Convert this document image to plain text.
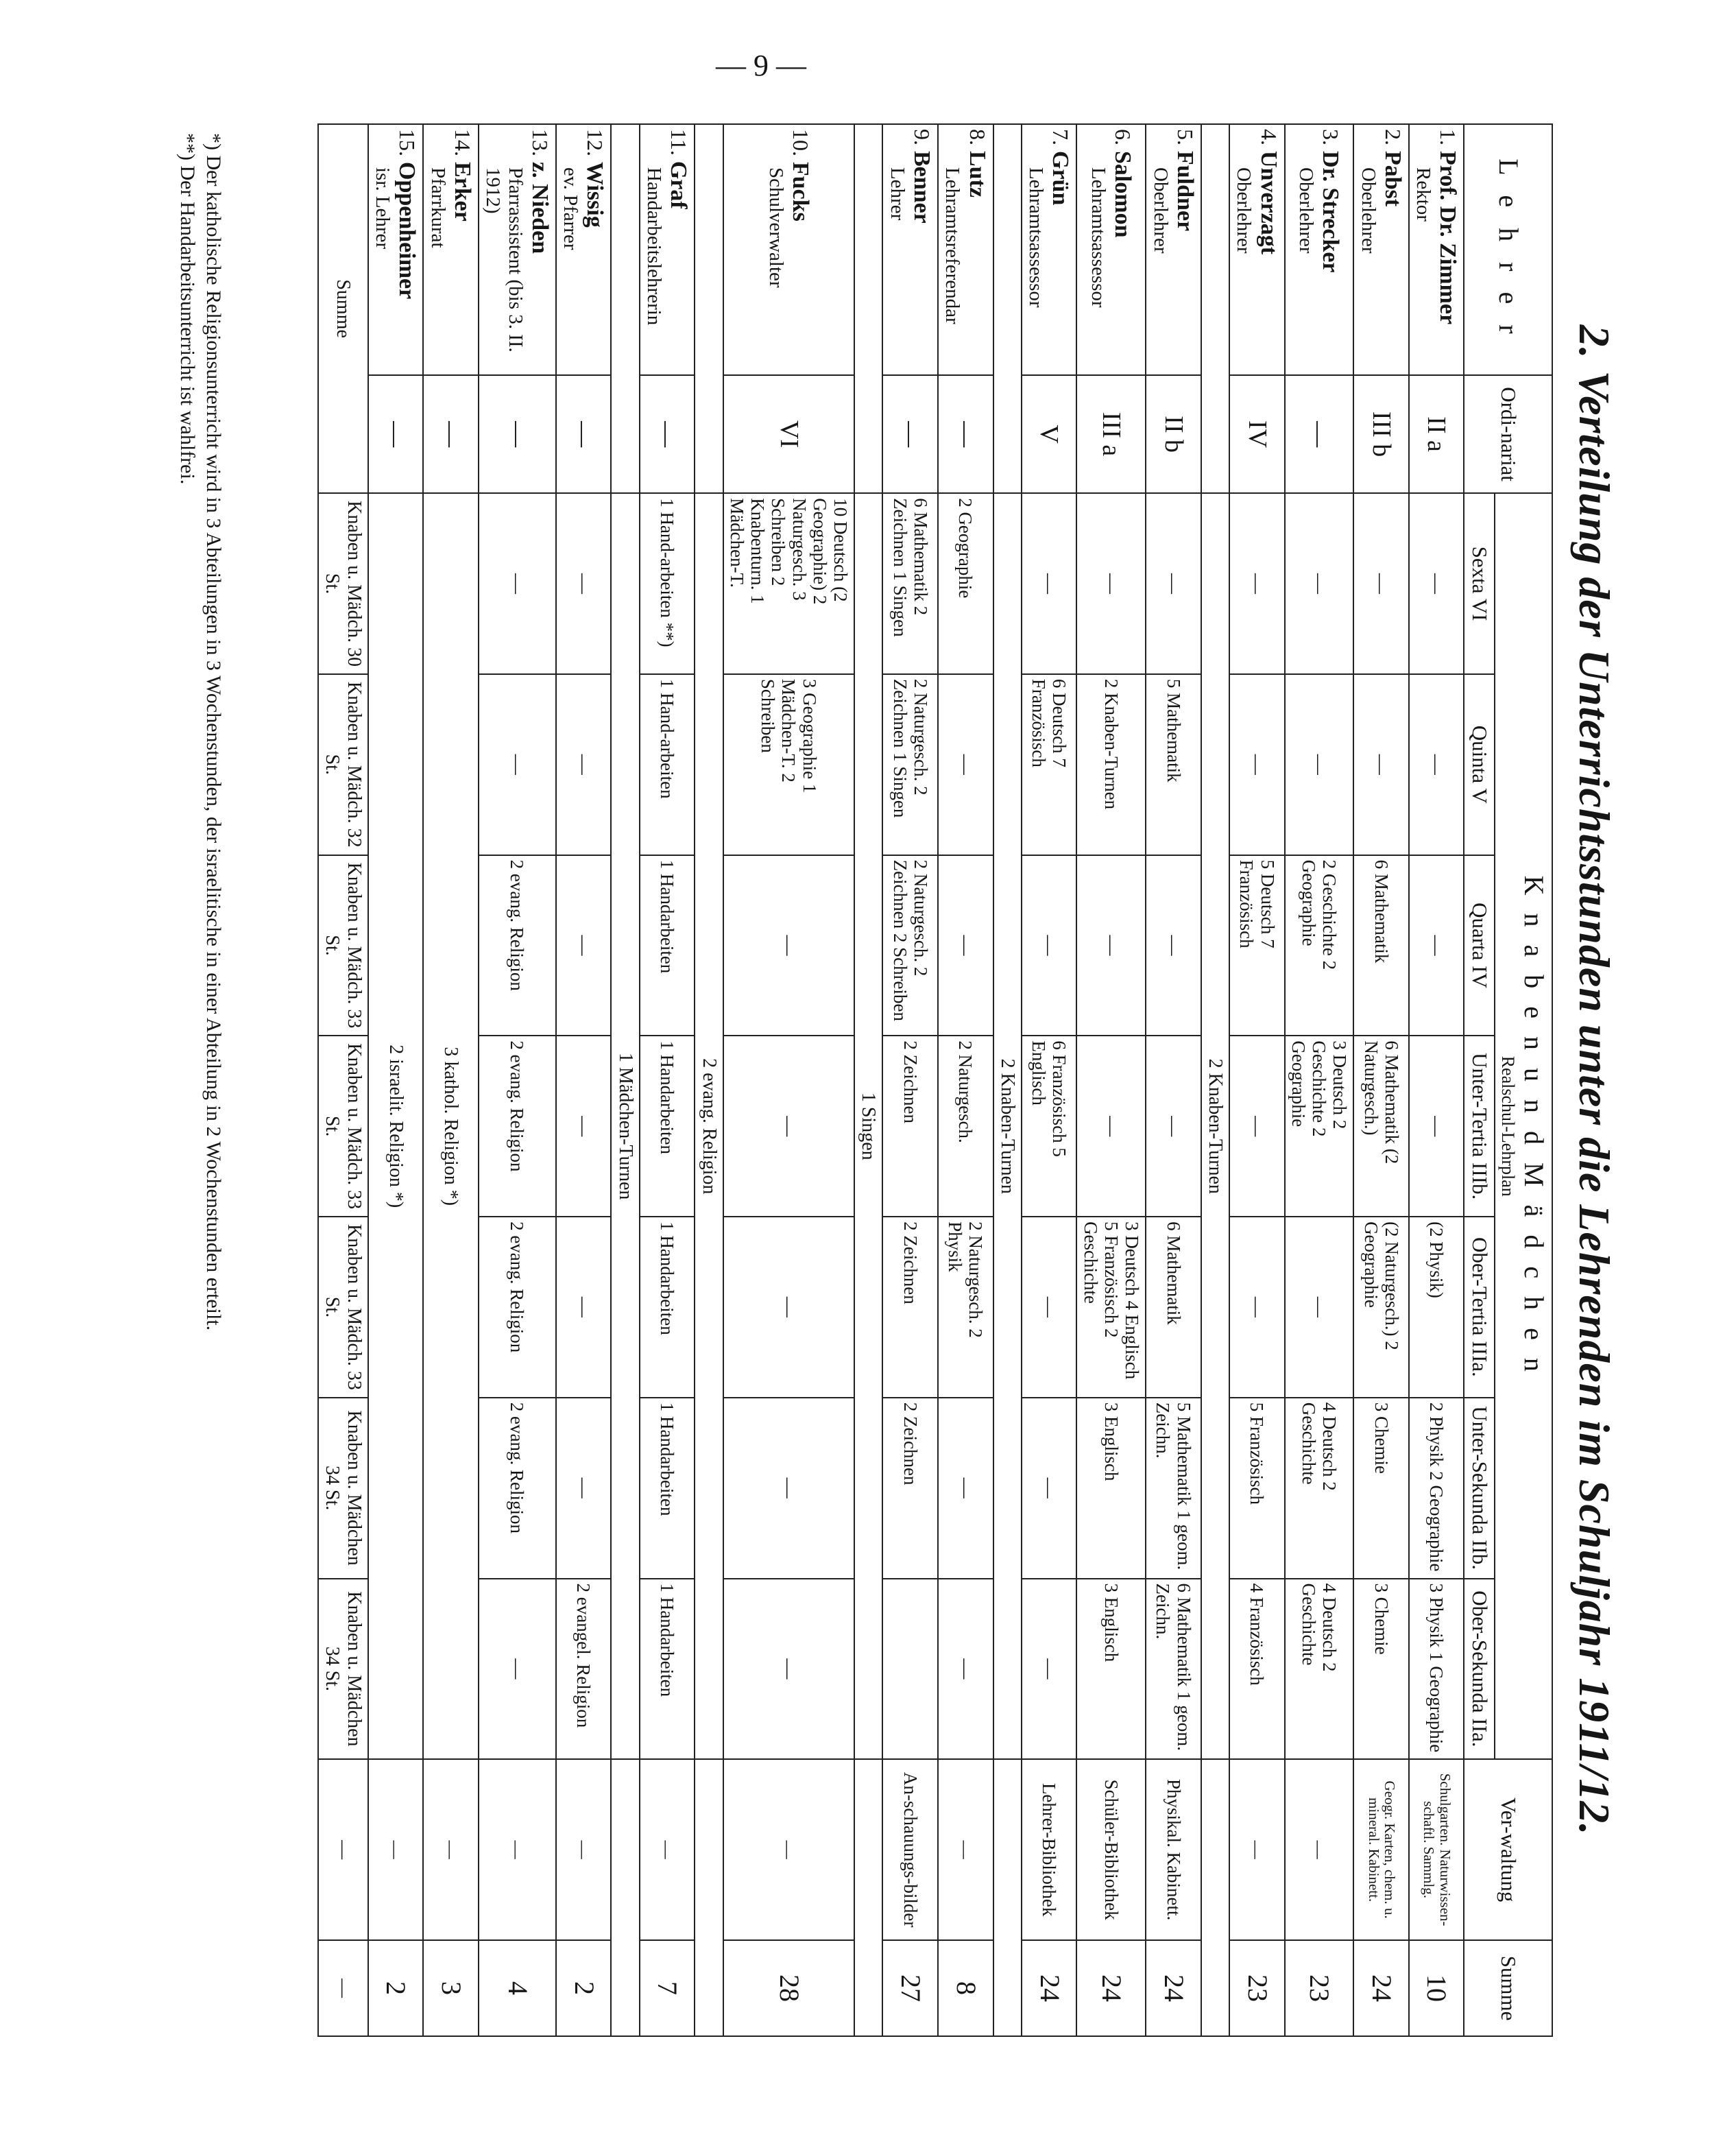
— 9 —
2. Verteilung der Unterrichtsstunden unter die Lehrenden im Schuljahr 1911/12.
L e h r e r	Ordi-nariat	K n a b e n u n d M ä d c h e n
Realschul-Lehrplan							Ver-waltung	Summe
		Sexta VI	Quinta V	Quarta IV	Unter-Tertia IIIb.	Ober-Tertia IIIa.	Unter-Sekunda IIb.	Ober-Sekunda IIa.		
1.Prof. Dr. Zimmer
Rektor	II a	—	—	—	—	(2 Physik)	2 Physik 2 Geographie	3 Physik 1 Geographie	Schulgarten. Naturwissen-schaftl. Sammlg.	10
2.Pabst
Oberlehrer	III b	—	—	6 Mathematik	6 Mathematik (2 Naturgesch.)	(2 Naturgesch.) 2 Geographie	3 Chemie	3 Chemie	Geogr. Karten, chem. u. mineral. Kabinett.	24
3.Dr. Strecker
Oberlehrer	—	—	—	2 Geschichte 2 Geographie	3 Deutsch 2 Geschichte 2 Geographie	—	4 Deutsch 2 Geschichte	4 Deutsch 2 Geschichte	—	23
4.Unverzagt
Oberlehrer	IV	—	—	5 Deutsch 7 Französisch	—	—	5 Französisch	4 Französisch	—	23
		2 Knaben-Turnen								
5.Fuldner
Oberlehrer	II b	—	5 Mathematik	—	—	6 Mathematik	5 Mathematik 1 geom. Zeichn.	6 Mathematik 1 geom. Zeichn.	Physikal. Kabinett.	24
6.Salomon
Lehramtsassessor	III a	—	2 Knaben-Turnen	—	—	3 Deutsch 4 Englisch 5 Französisch 2 Geschichte	3 Englisch	3 Englisch	Schüler-Bibliothek	24
7.Grün
Lehramtsassessor	V	—	6 Deutsch 7 Französisch	—	6 Französisch 5 Englisch	—	—	—	Lehrer-Bibliothek	24
		2 Knaben-Turnen								
8.Lutz
Lehramtsreferendar	—	2 Geographie	—	—	2 Naturgesch.	2 Naturgesch. 2 Physik	—	—	—	8
9.Benner
Lehrer	—	6 Mathematik 2 Zeichnen 1 Singen	2 Naturgesch. 2 Zeichnen 1 Singen	2 Naturgesch. 2 Zeichnen 2 Schreiben	2 Zeichnen	2 Zeichnen	2 Zeichnen		An-schauungs-bilder	27
		1 Singen								
10.Fucks
Schulverwalter	VI	10 Deutsch (2 Geographie) 2 Naturgesch. 3 Schreiben 2 Knabenturn. 1 Mädchen-T.	3 Geographie 1 Mädchen-T. 2 Schreiben	—	—	—	—	—	—	28
		2 evang. Religion								
11.Graf
Handarbeitslehrerin	—	1 Hand-arbeiten **)	1 Hand-arbeiten	1 Handarbeiten	1 Handarbeiten	1 Handarbeiten	1 Handarbeiten	1 Handarbeiten	—	7
		1 Mädchen-Turnen								
12.Wissig
ev. Pfarrer	—	—	—	—	—	—	—	2 evangel. Religion	—	2
13.z. Nieden
Pfarrassistent (bis 3. II. 1912)	—	—	—	2 evang. Religion	2 evang. Religion	2 evang. Religion	2 evang. Religion	—	—	4
14.Erker
Pfarrkurat	—	3 kathol. Religion *)							—	3
15.Oppenheimer
isr. Lehrer	—	2 israelit. Religion *)							—	2
Summe		Knaben u. Mädch. 30 St.	Knaben u. Mädch. 32 St.	Knaben u. Mädch. 33 St.	Knaben u. Mädch. 33 St.	Knaben u. Mädch. 33 St.	Knaben u. Mädchen 34 St.	Knaben u. Mädchen 34 St.	—	—
*) Der katholische Religionsunterricht wird in 3 Abteilungen in 3 Wochenstunden, der israelitische in einer Abteilung in 2 Wochenstunden erteilt.
**) Der Handarbeitsunterricht ist wahlfrei.
